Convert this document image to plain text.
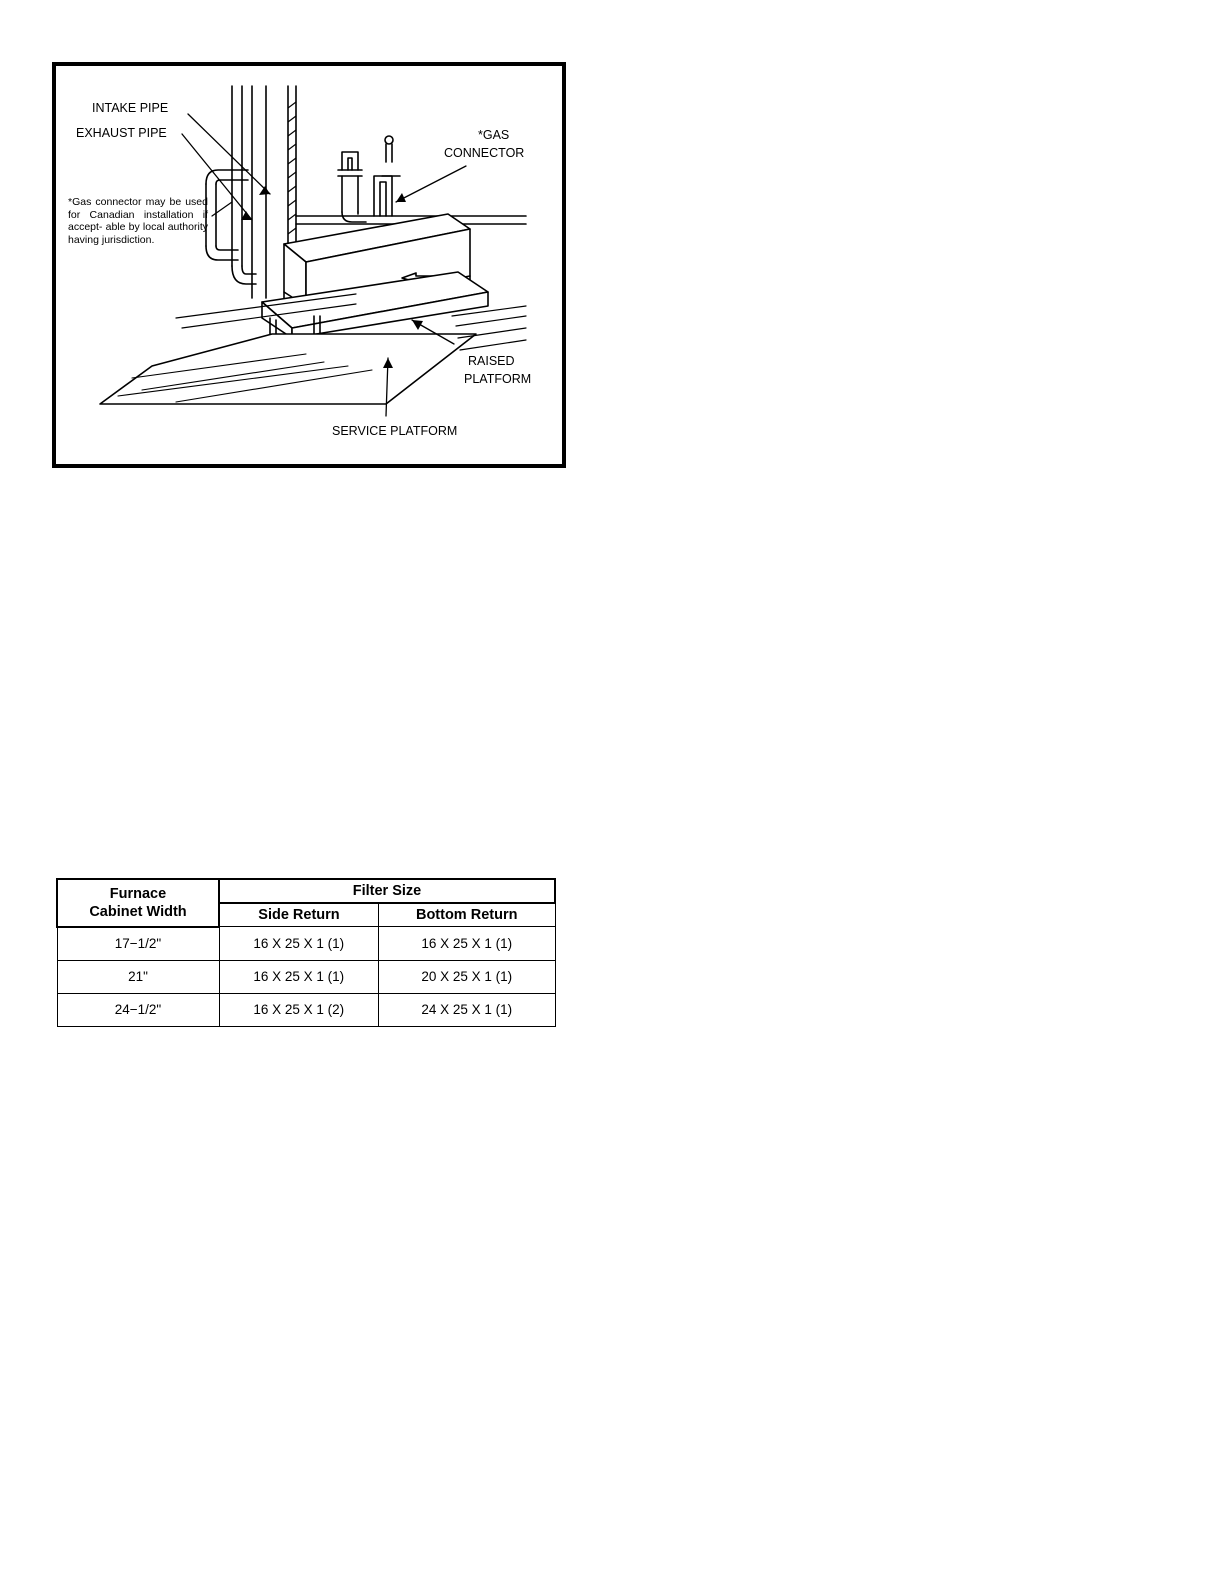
INTAKE PIPE
EXHAUST PIPE	*GAS
CONNECTOR
*Gas connector may be used for Canadian installation if accept- able by local authority having jurisdiction.
RAISED
PLATFORM
SERVICE PLATFORM
Furnace
Cabinet Width	Filter Size	
	Side Return	Bottom Return
17−1/2"	16 X 25 X 1 (1)	16 X 25 X 1 (1)
21"	16 X 25 X 1 (1)	20 X 25 X 1 (1)
24−1/2"	16 X 25 X 1 (2)	24 X 25 X 1 (1)
